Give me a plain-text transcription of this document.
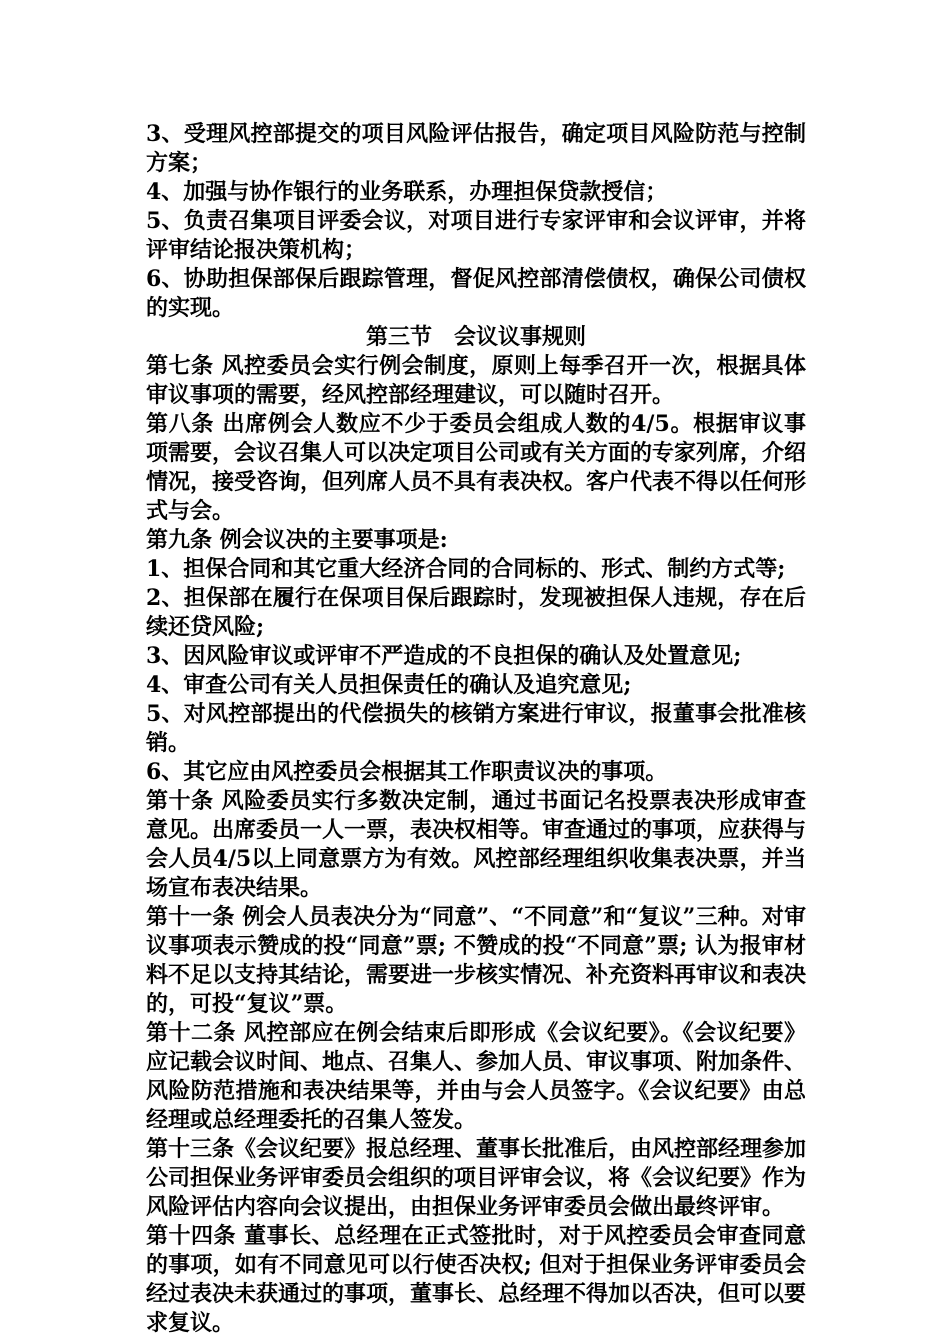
3、受理风控部提交的项目风险评估报告，确定项目风险防范与控制方案；

4、加强与协作银行的业务联系，办理担保贷款授信；

5、负责召集项目评委会议，对项目进行专家评审和会议评审，并将评审结论报决策机构；

6、协助担保部保后跟踪管理，督促风控部清偿债权，确保公司债权的实现。

第三节　会议议事规则

第七条 风控委员会实行例会制度，原则上每季召开一次，根据具体审议事项的需要，经风控部经理建议，可以随时召开。

第八条 出席例会人数应不少于委员会组成人数的4/5。根据审议事项需要，会议召集人可以决定项目公司或有关方面的专家列席，介绍情况，接受咨询，但列席人员不具有表决权。客户代表不得以任何形式与会。

第九条 例会议决的主要事项是:

1、担保合同和其它重大经济合同的合同标的、形式、制约方式等;

2、担保部在履行在保项目保后跟踪时，发现被担保人违规，存在后续还贷风险;

3、因风险审议或评审不严造成的不良担保的确认及处置意见;

4、审查公司有关人员担保责任的确认及追究意见;

5、对风控部提出的代偿损失的核销方案进行审议，报董事会批准核销。

6、其它应由风控委员会根据其工作职责议决的事项。

第十条 风险委员实行多数决定制，通过书面记名投票表决形成审查意见。出席委员一人一票，表决权相等。审查通过的事项，应获得与会人员4/5以上同意票方为有效。风控部经理组织收集表决票，并当场宣布表决结果。

第十一条 例会人员表决分为“同意”、“不同意”和“复议”三种。对审议事项表示赞成的投“同意”票; 不赞成的投“不同意”票; 认为报审材料不足以支持其结论，需要进一步核实情况、补充资料再审议和表决的，可投“复议”票。

第十二条 风控部应在例会结束后即形成《会议纪要》。《会议纪要》应记载会议时间、地点、召集人、参加人员、审议事项、附加条件、风险防范措施和表决结果等，并由与会人员签字。《会议纪要》由总经理或总经理委托的召集人签发。

第十三条《会议纪要》报总经理、董事长批准后，由风控部经理参加公司担保业务评审委员会组织的项目评审会议，将《会议纪要》作为风险评估内容向会议提出，由担保业务评审委员会做出最终评审。

第十四条 董事长、总经理在正式签批时，对于风控委员会审查同意的事项，如有不同意见可以行使否决权; 但对于担保业务评审委员会经过表决未获通过的事项，董事长、总经理不得加以否决，但可以要求复议。
